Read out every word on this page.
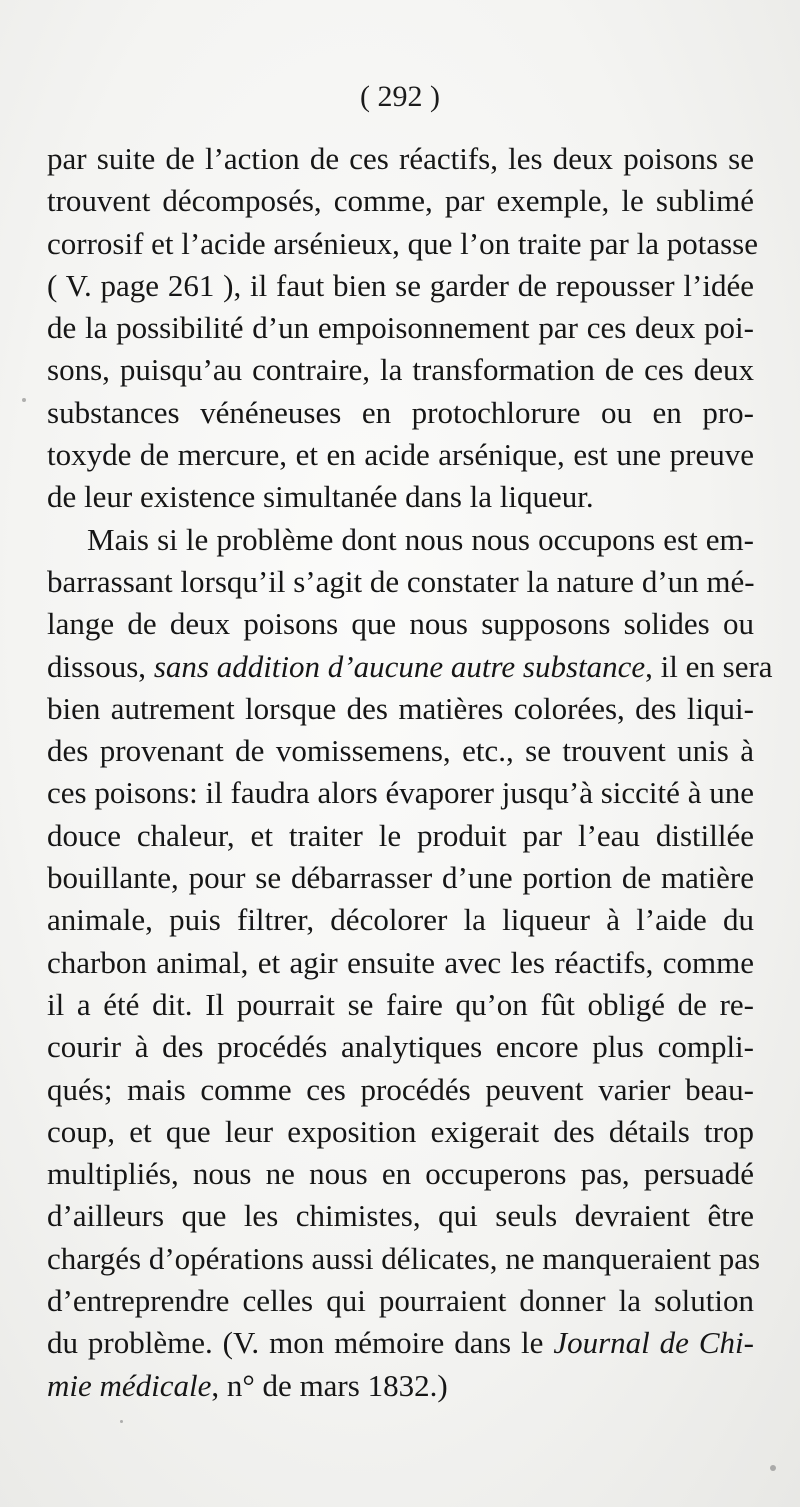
( 292 )

par suite de l’action de ces réactifs, les deux poisons se
trouvent décomposés, comme, par exemple, le sublimé
corrosif et l’acide arsénieux, que l’on traite par la potasse
( V. page 261 ), il faut bien se garder de repousser l’idée
de la possibilité d’un empoisonnement par ces deux poi-
sons, puisqu’au contraire, la transformation de ces deux
substances vénéneuses en protochlorure ou en pro-
toxyde de mercure, et en acide arsénique, est une preuve
de leur existence simultanée dans la liqueur.
Mais si le problème dont nous nous occupons est em-
barrassant lorsqu’il s’agit de constater la nature d’un mé-
lange de deux poisons que nous supposons solides ou
dissous, sans addition d’aucune autre substance, il en sera
bien autrement lorsque des matières colorées, des liqui-
des provenant de vomissemens, etc., se trouvent unis à
ces poisons: il faudra alors évaporer jusqu’à siccité à une
douce chaleur, et traiter le produit par l’eau distillée
bouillante, pour se débarrasser d’une portion de matière
animale, puis filtrer, décolorer la liqueur à l’aide du
charbon animal, et agir ensuite avec les réactifs, comme
il a été dit. Il pourrait se faire qu’on fût obligé de re-
courir à des procédés analytiques encore plus compli-
qués; mais comme ces procédés peuvent varier beau-
coup, et que leur exposition exigerait des détails trop
multipliés, nous ne nous en occuperons pas, persuadé
d’ailleurs que les chimistes, qui seuls devraient être
chargés d’opérations aussi délicates, ne manqueraient pas
d’entreprendre celles qui pourraient donner la solution
du problème. (V. mon mémoire dans le Journal de Chi-
mie médicale, n° de mars 1832.)
